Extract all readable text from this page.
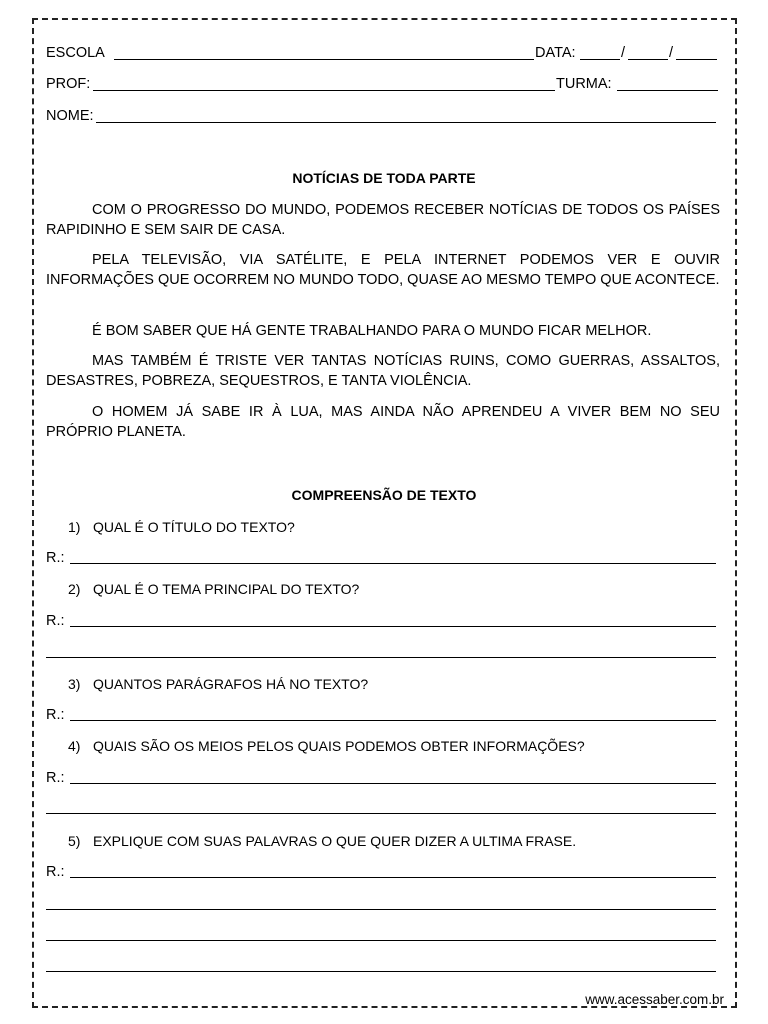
ESCOLA	DATA:	/	/
PROF:	TURMA:
NOME:
NOTÍCIAS DE TODA PARTE
COM O PROGRESSO DO MUNDO, PODEMOS RECEBER NOTÍCIAS DE TODOS OS PAÍSES RAPIDINHO E SEM SAIR DE CASA.
PELA TELEVISÃO, VIA SATÉLITE, E PELA INTERNET PODEMOS VER E OUVIR INFORMAÇÕES QUE OCORREM NO MUNDO TODO, QUASE AO MESMO TEMPO QUE ACONTECE.
É BOM SABER QUE HÁ GENTE TRABALHANDO PARA O MUNDO FICAR MELHOR.
MAS TAMBÉM É TRISTE VER TANTAS NOTÍCIAS RUINS, COMO GUERRAS, ASSALTOS, DESASTRES, POBREZA, SEQUESTROS, E TANTA VIOLÊNCIA.
O HOMEM JÁ SABE IR À LUA, MAS AINDA NÃO APRENDEU A VIVER BEM NO SEU PRÓPRIO PLANETA.
COMPREENSÃO DE TEXTO
1) QUAL É O TÍTULO DO TEXTO?
R.:
2) QUAL É O TEMA PRINCIPAL DO TEXTO?
R.:
3) QUANTOS PARÁGRAFOS HÁ NO TEXTO?
R.:
4) QUAIS SÃO OS MEIOS PELOS QUAIS PODEMOS OBTER INFORMAÇÕES?
R.:
5) EXPLIQUE COM SUAS PALAVRAS O QUE QUER DIZER A ULTIMA FRASE.
R.:
www.acessaber.com.br
